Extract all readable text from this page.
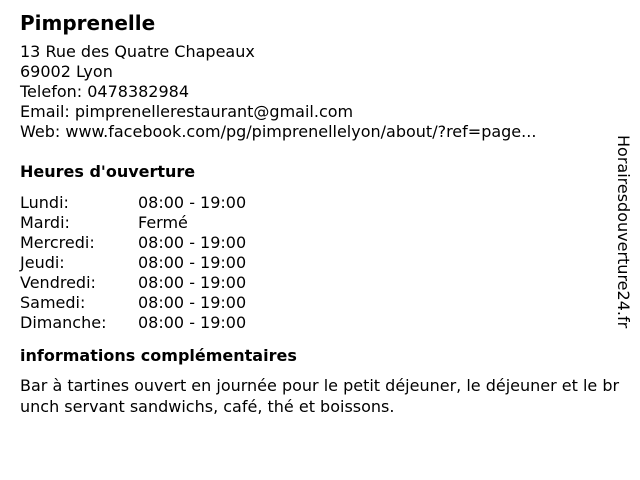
Pimprenelle
13 Rue des Quatre Chapeaux
69002 Lyon
Telefon: 0478382984
Email: pimprenellerestaurant@gmail.com
Web: www.facebook.com/pg/pimprenellelyon/about/?ref=page...
Heures d'ouverture
Lundi:	08:00 - 19:00
Mardi:	Fermé
Mercredi:	08:00 - 19:00
Jeudi:	08:00 - 19:00
Vendredi:	08:00 - 19:00
Samedi:	08:00 - 19:00
Dimanche: 08:00 - 19:00
informations complémentaires
Bar à tartines ouvert en journée pour le petit déjeuner, le déjeuner et le brunch servant sandwichs, café, thé et boissons.
Horairesdouverture24.fr
